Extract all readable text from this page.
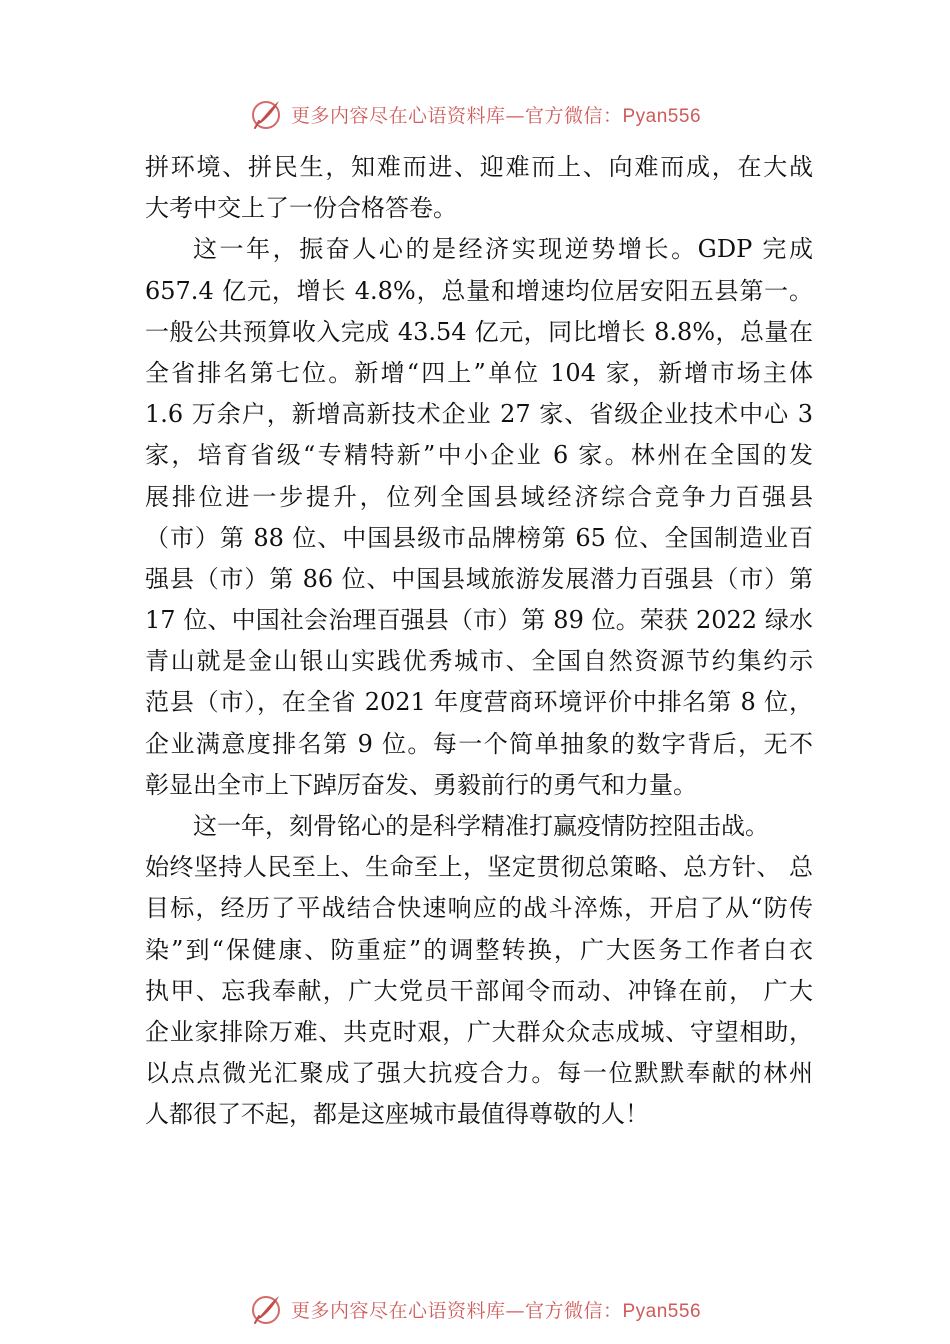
更多内容尽在心语资料库—官方微信：Pyan556
拼环境、拼民生，知难而进、迎难而上、向难而成，在大战
大考中交上了一份合格答卷。
这一年，振奋人心的是经济实现逆势增长。GDP 完成
657.4 亿元，增长 4.8%，总量和增速均位居安阳五县第一。
一般公共预算收入完成 43.54 亿元，同比增长 8.8%，总量在
全省排名第七位。新增“四上”单位 104 家，新增市场主体
1.6 万余户，新增高新技术企业 27 家、省级企业技术中心 3
家，培育省级“专精特新”中小企业 6 家。林州在全国的发
展排位进一步提升，位列全国县域经济综合竞争力百强县
（市）第 88 位、中国县级市品牌榜第 65 位、全国制造业百
强县（市）第 86 位、中国县域旅游发展潜力百强县（市）第
17 位、中国社会治理百强县（市）第 89 位。荣获 2022 绿水
青山就是金山银山实践优秀城市、全国自然资源节约集约示
范县（市），在全省 2021 年度营商环境评价中排名第 8 位，
企业满意度排名第 9 位。每一个简单抽象的数字背后，无不
彰显出全市上下踔厉奋发、勇毅前行的勇气和力量。
这一年，刻骨铭心的是科学精准打赢疫情防控阻击战。
始终坚持人民至上、生命至上，坚定贯彻总策略、总方针、 总
目标，经历了平战结合快速响应的战斗淬炼，开启了从“防传
染”到“保健康、防重症”的调整转换，广大医务工作者白衣
执甲、忘我奉献，广大党员干部闻令而动、冲锋在前， 广大
企业家排除万难、共克时艰，广大群众众志成城、守望相助，
以点点微光汇聚成了强大抗疫合力。每一位默默奉献的林州
人都很了不起，都是这座城市最值得尊敬的人！
更多内容尽在心语资料库—官方微信：Pyan556
